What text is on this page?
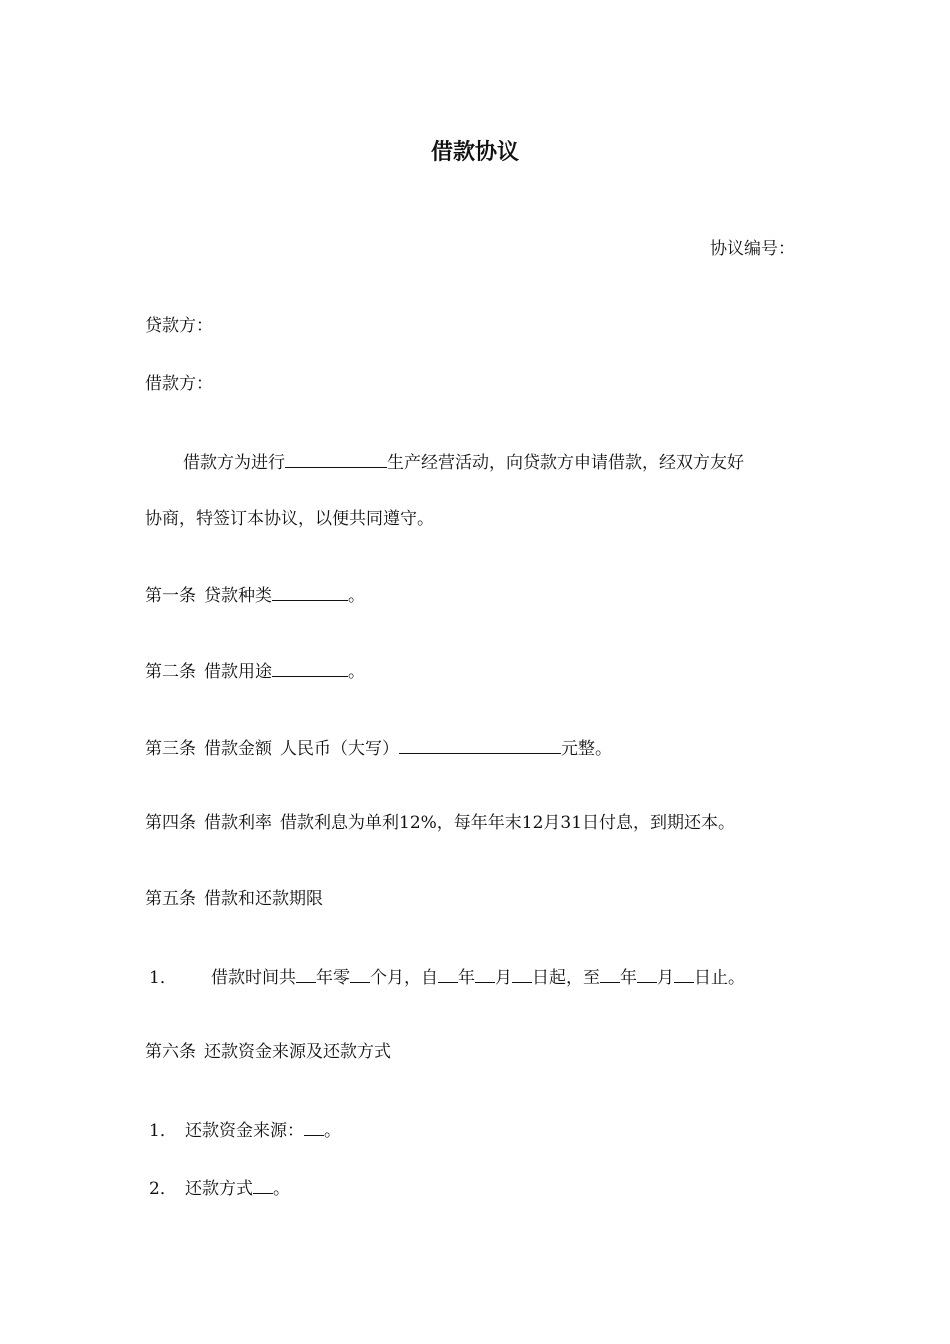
借款协议
协议编号：
贷款方：
借款方：
借款方为进行	生产经营活动，向贷款方申请借款，经双方友好
协商，特签订本协议，以便共同遵守。
第一条 贷款种类	。
第二条 借款用途	。
第三条 借款金额 人民币（大写）	元整。
第四条 借款利率 借款利息为单利12%，每年年末12月31日付息，到期还本。
第五条 借款和还款期限
1． 借款时间共 年零 个月，自 年 月 日起，至 年 月 日止。
第六条 还款资金来源及还款方式
1． 还款资金来源： 。
2． 还款方式 。
